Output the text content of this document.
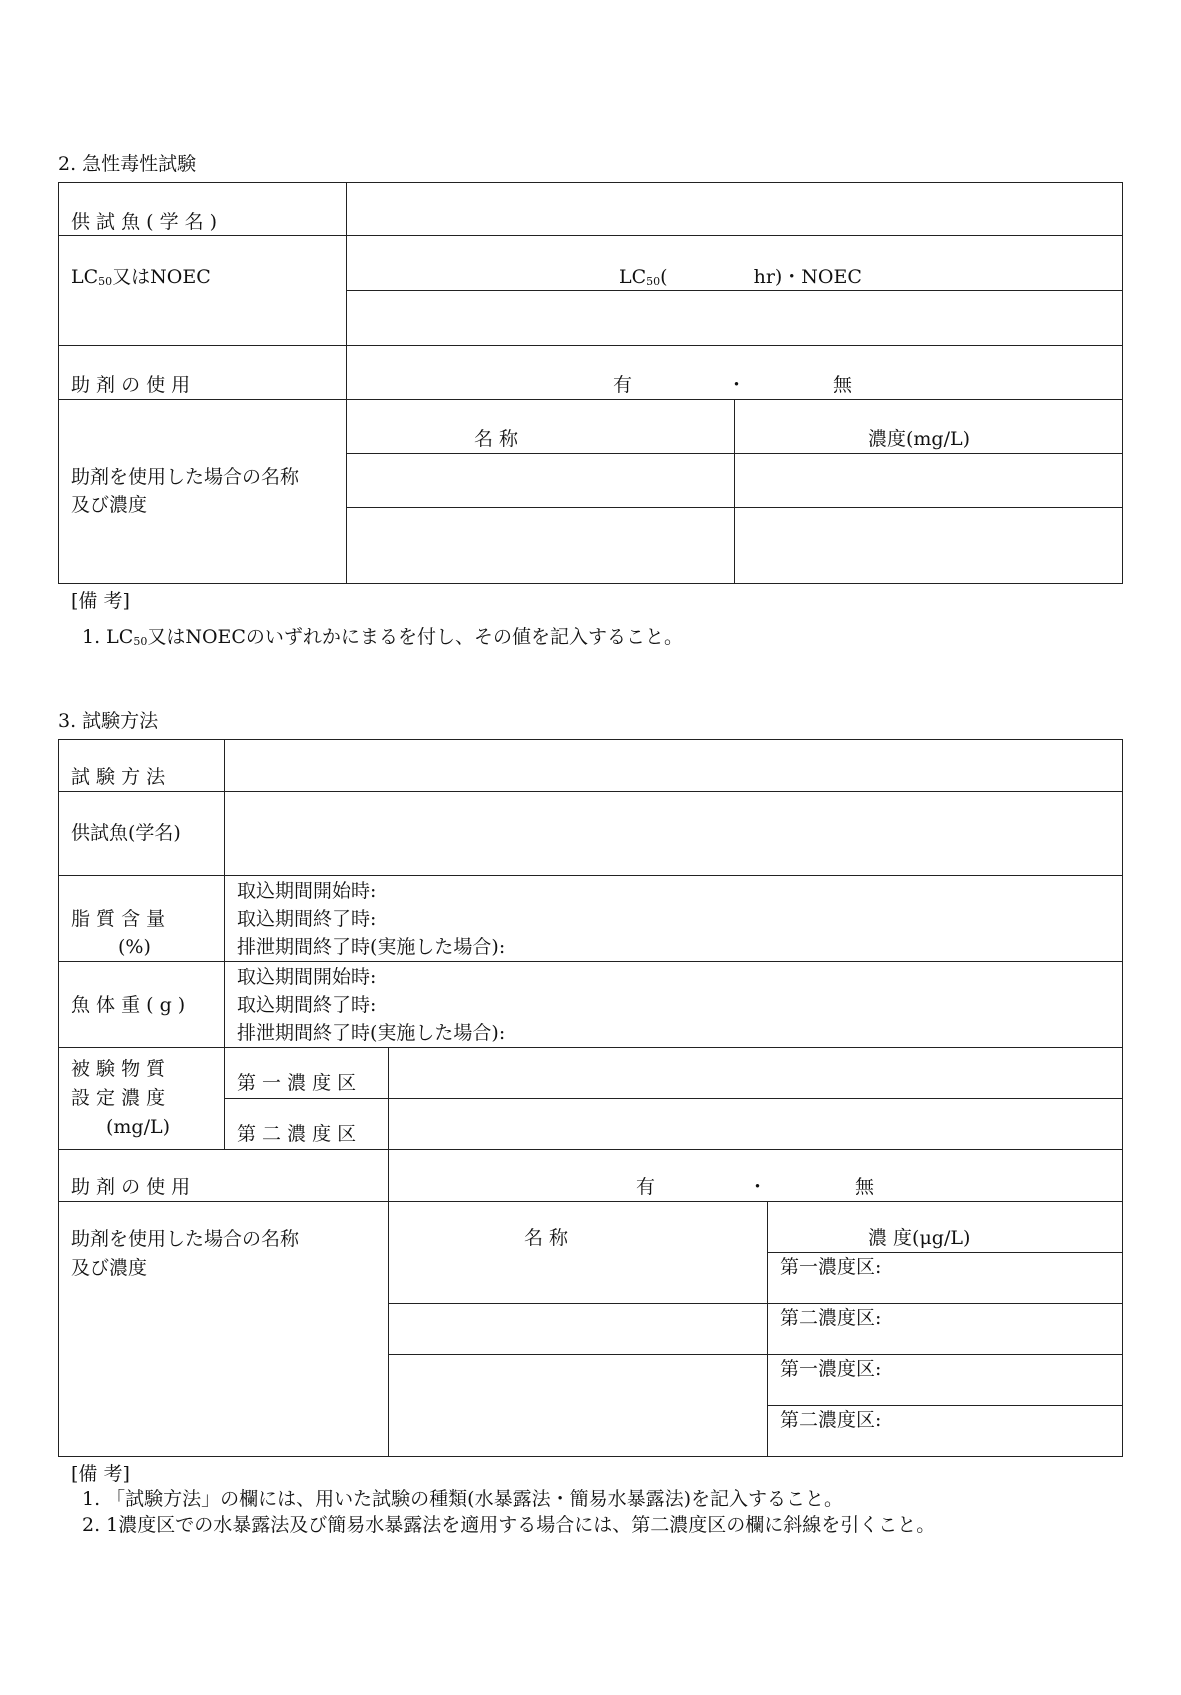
2. 急性毒性試験
供 試 魚 ( 学 名 )
LC50又はNOEC	LC50(	hr)・NOEC
助 剤 の 使 用	有	・	無
助剤を使用した場合の名称
及び濃度
名 称	濃度(mg/L)
[備 考]
1. LC50又はNOECのいずれかにまるを付し、その値を記入すること。
3. 試験方法
試 験 方 法
供試魚(学名)
脂 質 含 量
(%)
取込期間開始時:
取込期間終了時:
排泄期間終了時(実施した場合):
魚 体 重 ( g )
取込期間開始時:
取込期間終了時:
排泄期間終了時(実施した場合):
被 験 物 質
設 定 濃 度
(mg/L)
第 一 濃 度 区
第 二 濃 度 区
助 剤 の 使 用	有	・	無
助剤を使用した場合の名称
及び濃度
名 称	濃 度(μg/L)
第一濃度区:
第二濃度区:
第一濃度区:
第二濃度区:
[備 考]
1. 「試験方法」の欄には、用いた試験の種類(水暴露法・簡易水暴露法)を記入すること。
2. 1濃度区での水暴露法及び簡易水暴露法を適用する場合には、第二濃度区の欄に斜線を引くこと。
